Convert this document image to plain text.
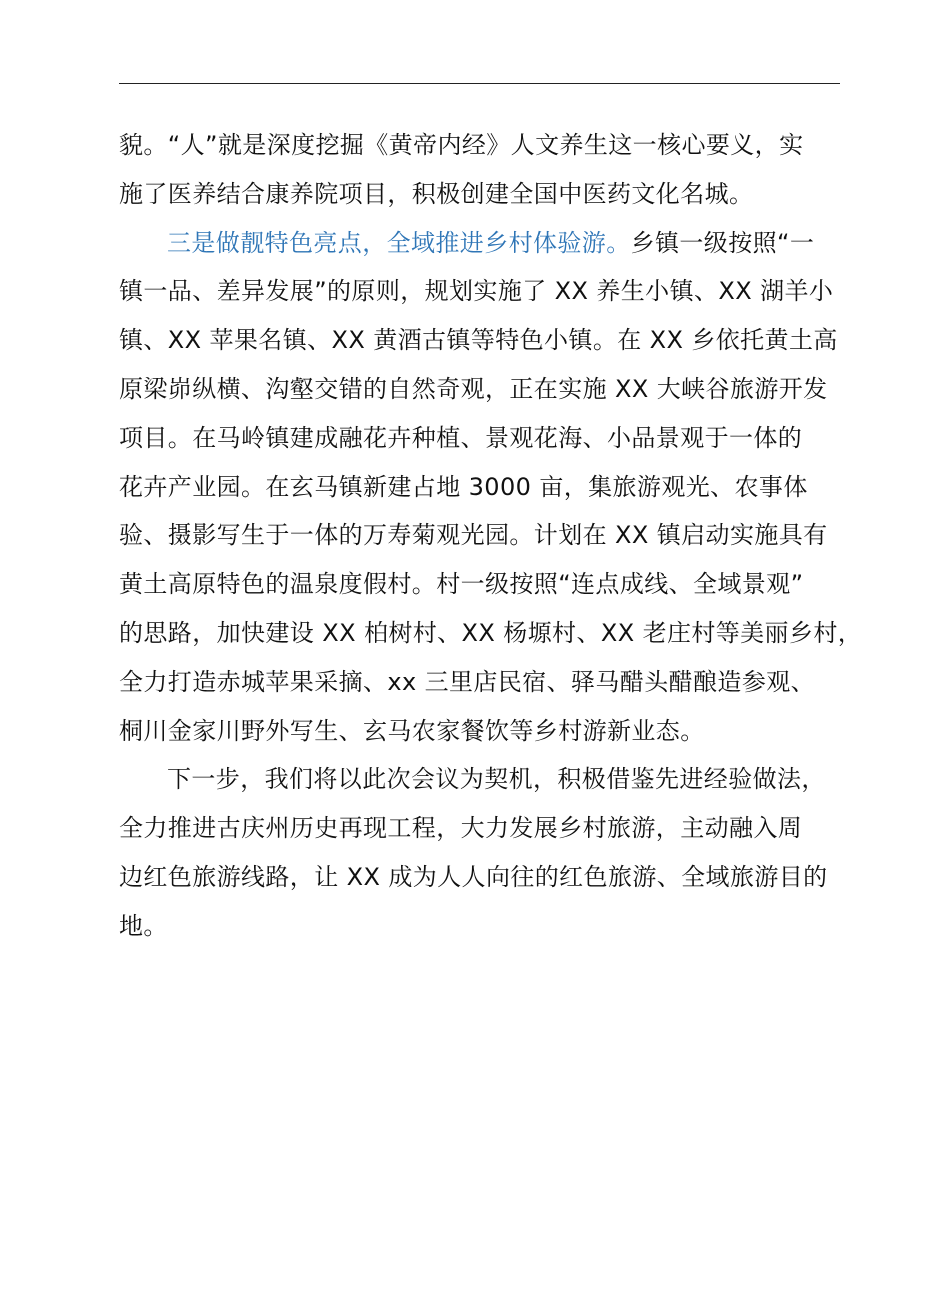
貌。“人”就是深度挖掘《黄帝内经》人文养生这一核心要义，实
施了医养结合康养院项目，积极创建全国中医药文化名城。
三是做靓特色亮点，全域推进乡村体验游。乡镇一级按照“一
镇一品、差异发展”的原则，规划实施了 XX 养生小镇、XX 湖羊小
镇、XX 苹果名镇、XX 黄酒古镇等特色小镇。在 XX 乡依托黄土高
原梁峁纵横、沟壑交错的自然奇观，正在实施 XX 大峡谷旅游开发
项目。在马岭镇建成融花卉种植、景观花海、小品景观于一体的
花卉产业园。在玄马镇新建占地 3000 亩，集旅游观光、农事体
验、摄影写生于一体的万寿菊观光园。计划在 XX 镇启动实施具有
黄土高原特色的温泉度假村。村一级按照“连点成线、全域景观”
的思路，加快建设 XX 柏树村、XX 杨塬村、XX 老庄村等美丽乡村，
全力打造赤城苹果采摘、xx 三里店民宿、驿马醋头醋酿造参观、
桐川金家川野外写生、玄马农家餐饮等乡村游新业态。
下一步，我们将以此次会议为契机，积极借鉴先进经验做法，
全力推进古庆州历史再现工程，大力发展乡村旅游，主动融入周
边红色旅游线路，让 XX 成为人人向往的红色旅游、全域旅游目的
地。
